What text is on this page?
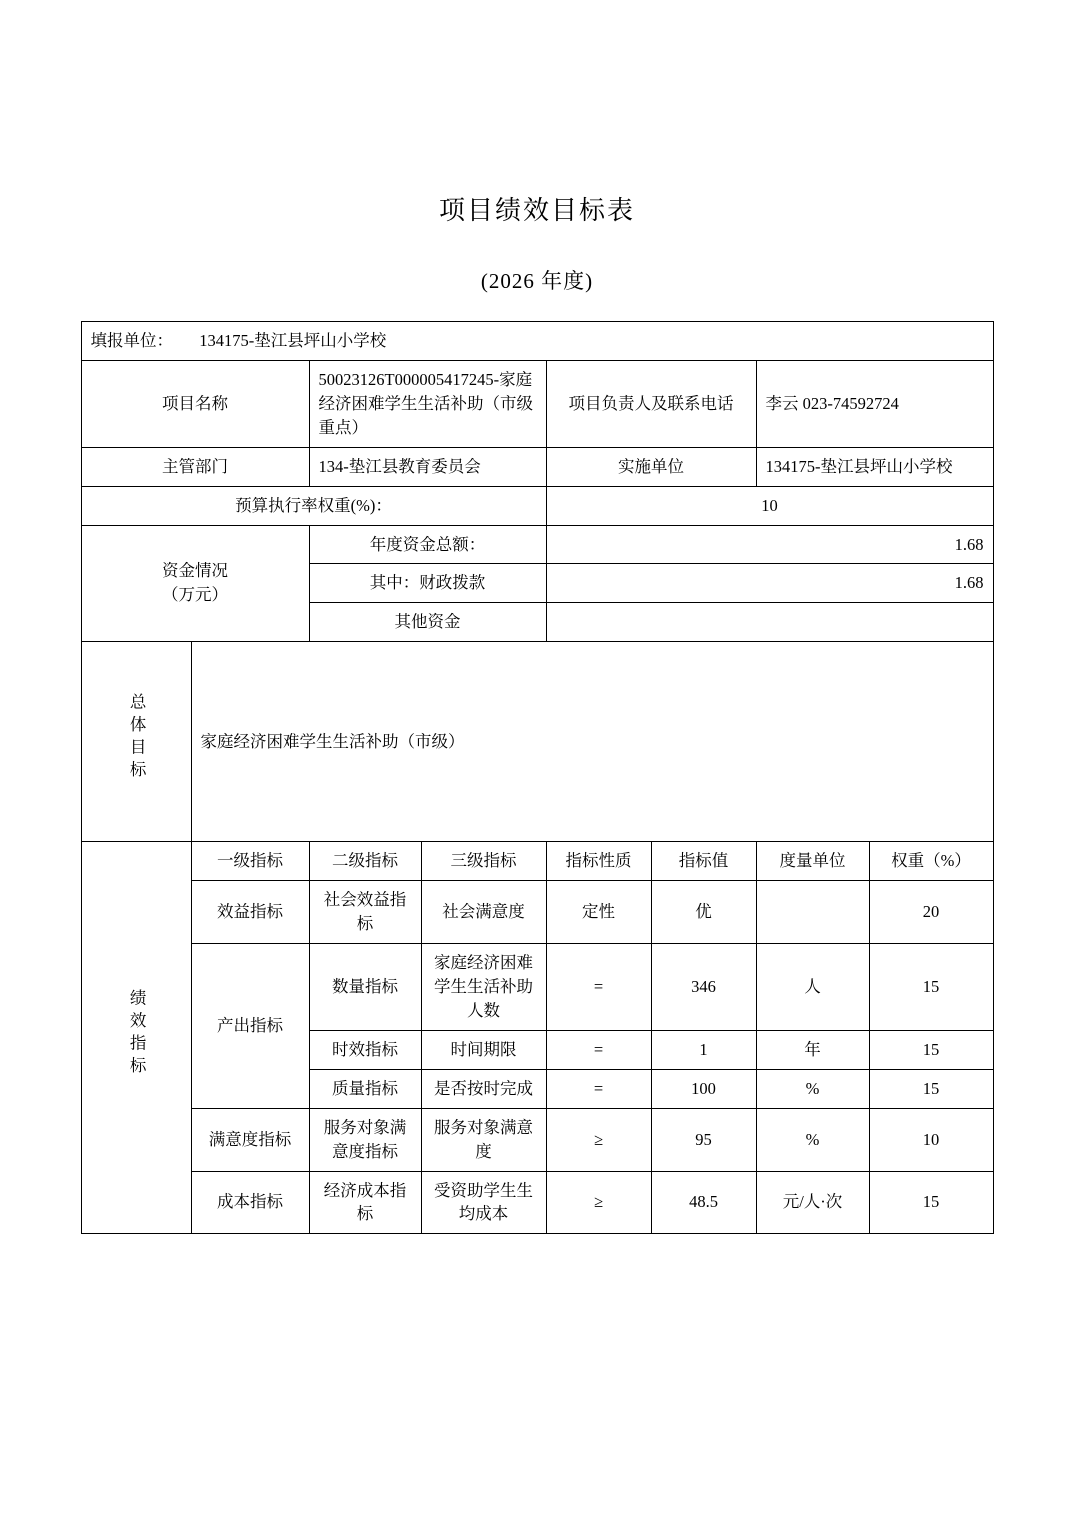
项目绩效目标表
(2026 年度)
填报单位： 134175-垫江县坪山小学校							
项目名称		50023126T000005417245-家庭经济困难学生生活补助（市级重点）		项目负责人及联系电话		李云 023-74592724	
主管部门		134-垫江县教育委员会		实施单位		134175-垫江县坪山小学校	
预算执行率权重(%)：				10			

资金情况
（万元）		年度资金总额：		1.68			
		其中：财政拨款		1.68			
		其他资金					
总体目标	家庭经济困难学生生活补助（市级）						
绩效指标	一级指标	二级指标	三级指标	指标性质	指标值	度量单位	权重（%）
	效益指标	社会效益指标	社会满意度	定性	优		20
	产出指标	数量指标	家庭经济困难学生生活补助人数	=	346	人	15
		时效指标	时间期限	=	1	年	15
		质量指标	是否按时完成	=	100	%	15
	满意度指标	服务对象满意度指标	服务对象满意度	≥	95	%	10
	成本指标	经济成本指标	受资助学生生均成本	≥	48.5	元/人·次	15
